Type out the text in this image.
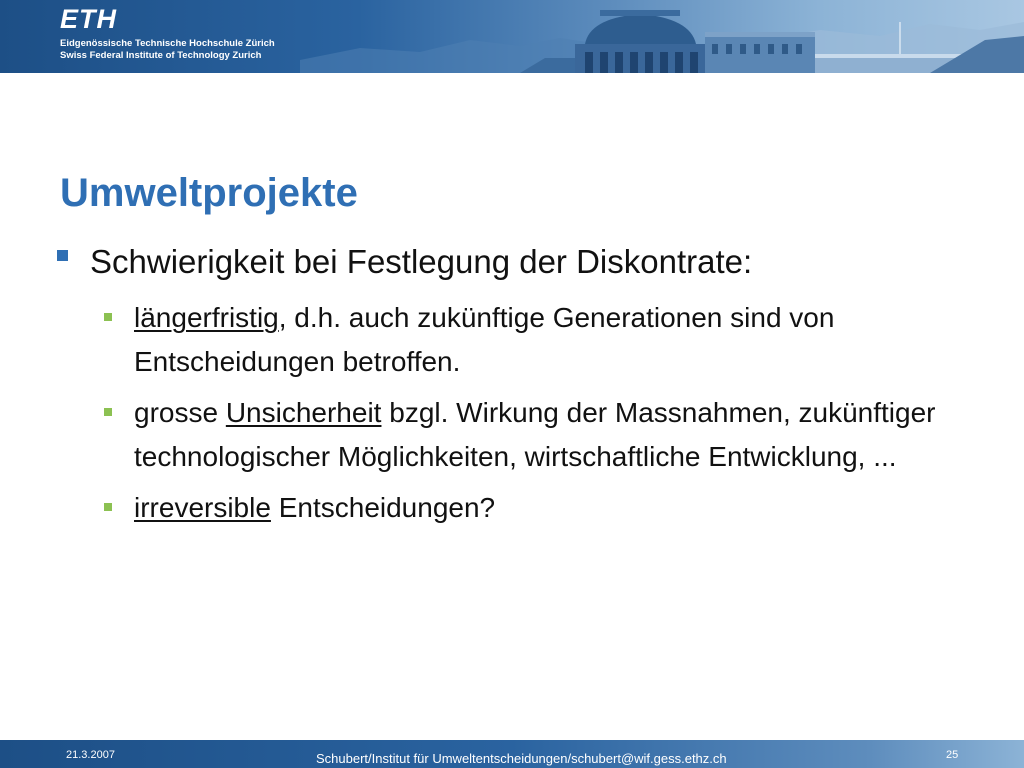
ETH
Eidgenössische Technische Hochschule Zürich
Swiss Federal Institute of Technology Zurich
Umweltprojekte
Schwierigkeit bei Festlegung der Diskontrate:
längerfristig, d.h. auch zukünftige Generationen sind von Entscheidungen betroffen.
grosse Unsicherheit bzgl. Wirkung der Massnahmen, zukünftiger technologischer Möglichkeiten, wirtschaftliche Entwicklung, ...
irreversible Entscheidungen?
21.3.2007	Schubert/Institut für Umweltentscheidungen/schubert@wif.gess.ethz.ch	25
